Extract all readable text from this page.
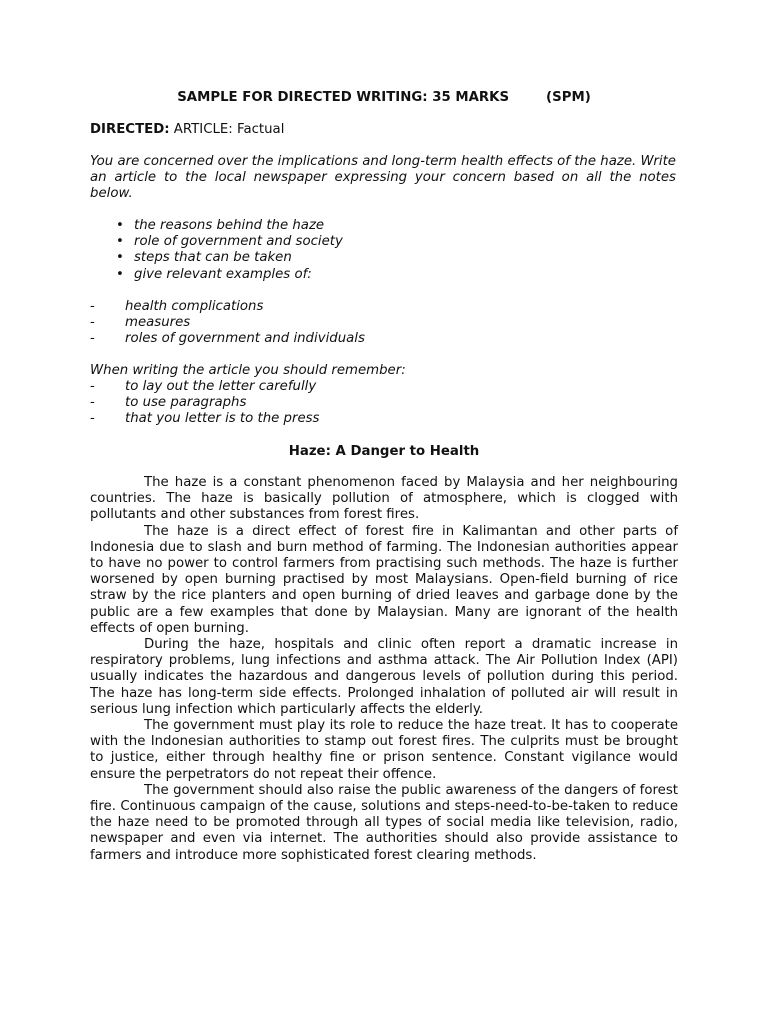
SAMPLE FOR DIRECTED WRITING: 35 MARKS        (SPM)
DIRECTED: ARTICLE: Factual
You are concerned over the implications and long-term health effects of the haze. Write an article to the local newspaper expressing your concern based on all the notes below.
• the reasons behind the haze
• role of government and society
• steps that can be taken
• give relevant examples of:
- health complications
- measures
- roles of government and individuals
When writing the article you should remember:
- to lay out the letter carefully
- to use paragraphs
- that you letter is to the press
Haze: A Danger to Health

The haze is a constant phenomenon faced by Malaysia and her neighbouring countries. The haze is basically pollution of atmosphere, which is clogged with pollutants and other substances from forest fires.

The haze is a direct effect of forest fire in Kalimantan and other parts of Indonesia due to slash and burn method of farming. The Indonesian authorities appear to have no power to control farmers from practising such methods. The haze is further worsened by open burning practised by most Malaysians. Open-field burning of rice straw by the rice planters and open burning of dried leaves and garbage done by the public are a few examples that done by Malaysian. Many are ignorant of the health effects of open burning.

During the haze, hospitals and clinic often report a dramatic increase in respiratory problems, lung infections and asthma attack. The Air Pollution Index (API) usually indicates the hazardous and dangerous levels of pollution during this period. The haze has long-term side effects. Prolonged inhalation of polluted air will result in serious lung infection which particularly affects the elderly.

The government must play its role to reduce the haze treat. It has to cooperate with the Indonesian authorities to stamp out forest fires. The culprits must be brought to justice, either through healthy fine or prison sentence. Constant vigilance would ensure the perpetrators do not repeat their offence.

The government should also raise the public awareness of the dangers of forest fire. Continuous campaign of the cause, solutions and steps-need-to-be-taken to reduce the haze need to be promoted through all types of social media like television, radio, newspaper and even via internet. The authorities should also provide assistance to farmers and introduce more sophisticated forest clearing methods.
